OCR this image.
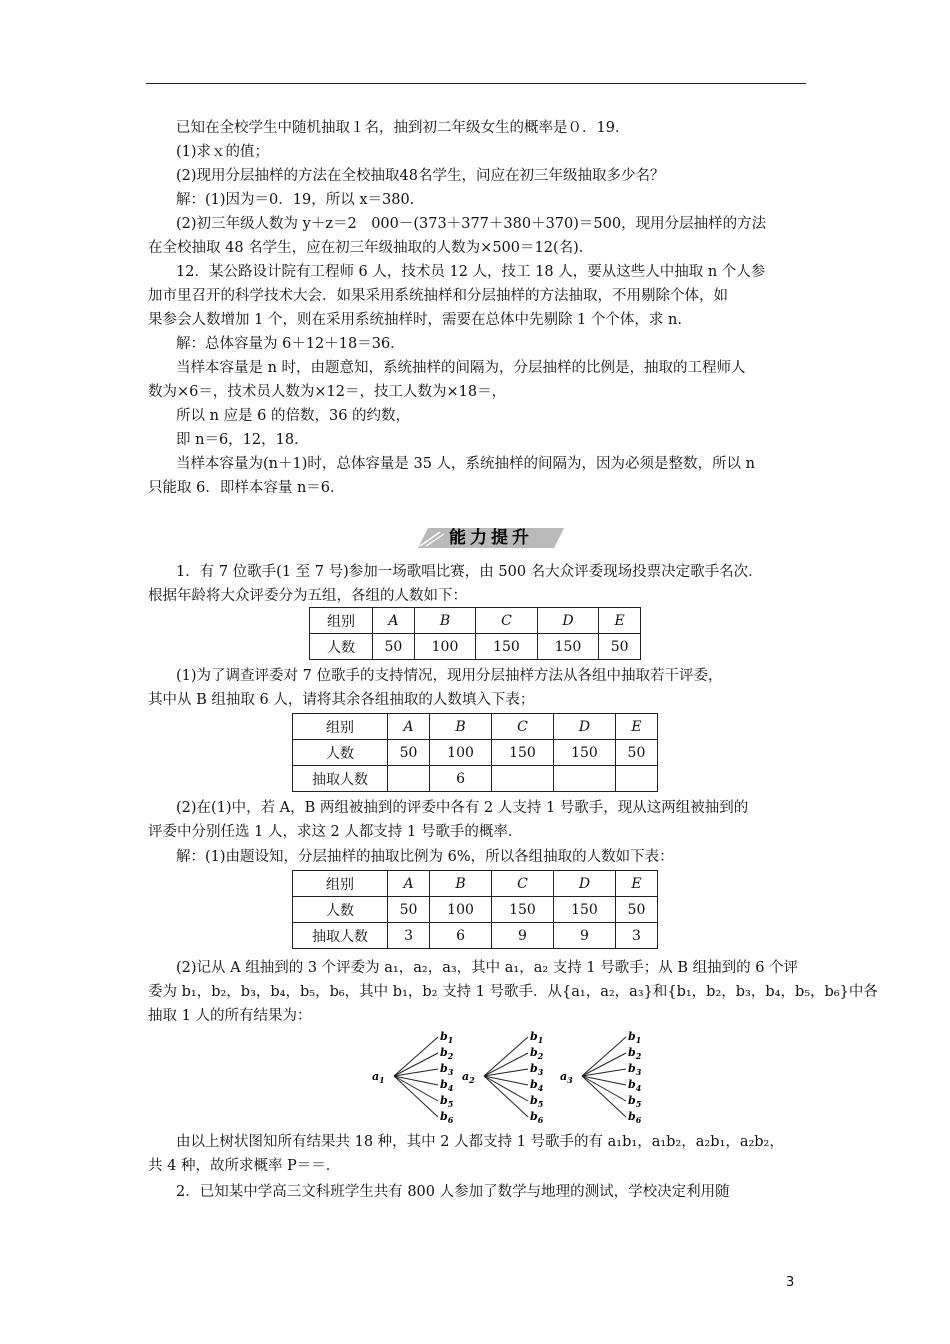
已知在全校学生中随机抽取１名，抽到初二年级女生的概率是０．19．
(1)求ｘ的值；
(2)现用分层抽样的方法在全校抽取48名学生，问应在初三年级抽取多少名？
解：(1)因为＝0．19，所以 x＝380.
(2)初三年级人数为 y＋z＝2　000－(373＋377＋380＋370)＝500，现用分层抽样的方法
在全校抽取 48 名学生，应在初三年级抽取的人数为×500＝12(名)．
12．某公路设计院有工程师 6 人，技术员 12 人，技工 18 人，要从这些人中抽取 n 个人参
加市里召开的科学技术大会．如果采用系统抽样和分层抽样的方法抽取，不用剔除个体，如
果参会人数增加 1 个，则在采用系统抽样时，需要在总体中先剔除 1 个个体，求 n.
解：总体容量为 6＋12＋18＝36．
当样本容量是 n 时，由题意知，系统抽样的间隔为，分层抽样的比例是，抽取的工程师人
数为×6＝，技术员人数为×12＝，技工人数为×18＝，
所以 n 应是 6 的倍数，36 的约数，
即 n＝6，12，18．
当样本容量为(n＋1)时，总体容量是 35 人，系统抽样的间隔为，因为必须是整数，所以 n
只能取 6．即样本容量 n＝6．
1．有 7 位歌手(1 至 7 号)参加一场歌唱比赛，由 500 名大众评委现场投票决定歌手名次．
根据年龄将大众评委分为五组，各组的人数如下：
(1)为了调查评委对 7 位歌手的支持情况，现用分层抽样方法从各组中抽取若干评委，
其中从 B 组抽取 6 人，请将其余各组抽取的人数填入下表；
(2)在(1)中，若 A，B 两组被抽到的评委中各有 2 人支持 1 号歌手，现从这两组被抽到的
评委中分别任选 1 人，求这 2 人都支持 1 号歌手的概率．
解：(1)由题设知，分层抽样的抽取比例为 6%，所以各组抽取的人数如下表：
(2)记从 A 组抽到的 3 个评委为 a₁，a₂，a₃，其中 a₁，a₂ 支持 1 号歌手；从 B 组抽到的 6 个评
委为 b₁，b₂，b₃，b₄，b₅，b₆，其中 b₁，b₂ 支持 1 号歌手．从{a₁，a₂，a₃}和{b₁，b₂，b₃，b₄，b₅，b₆}中各
抽取 1 人的所有结果为：
由以上树状图知所有结果共 18 种，其中 2 人都支持 1 号歌手的有 a₁b₁，a₁b₂，a₂b₁，a₂b₂，
共 4 种，故所求概率 P＝＝．
2．已知某中学高三文科班学生共有 800 人参加了数学与地理的测试，学校决定利用随
能力提升
组别	A	B	C	D	E
人数	50	100	150	150	50
组别	A	B	C	D	E
人数	50	100	150	150	50
抽取人数		6			
组别	A	B	C	D	E
人数	50	100	150	150	50
抽取人数	3	6	9	9	3
$b_1$
$b_2$
$b_3$
$b_4$
$b_5$
$b_6$
$a_1$
$b_1$
$b_2$
$b_3$
$b_4$
$b_5$
$b_6$
$a_2$
$b_1$
$b_2$
$b_3$
$b_4$
$b_5$
$b_6$
$a_3$
3
